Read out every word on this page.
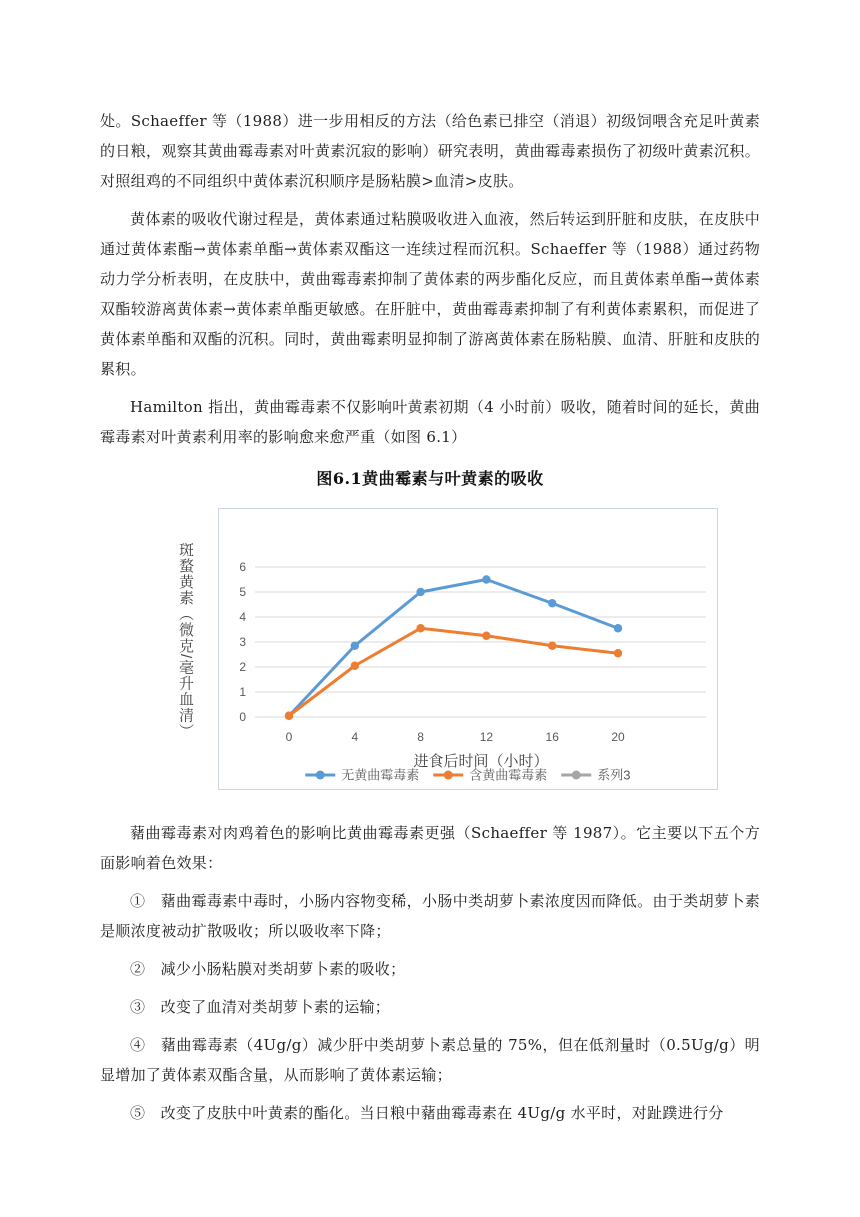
处。Schaeffer 等（1988）进一步用相反的方法（给色素已排空（消退）初级饲喂含充足叶黄素的日粮，观察其黄曲霉毒素对叶黄素沉寂的影响）研究表明，黄曲霉毒素损伤了初级叶黄素沉积。对照组鸡的不同组织中黄体素沉积顺序是肠粘膜>血清>皮肤。

黄体素的吸收代谢过程是，黄体素通过粘膜吸收进入血液，然后转运到肝脏和皮肤，在皮肤中通过黄体素酯→黄体素单酯→黄体素双酯这一连续过程而沉积。Schaeffer 等（1988）通过药物动力学分析表明，在皮肤中，黄曲霉毒素抑制了黄体素的两步酯化反应，而且黄体素单酯→黄体素双酯较游离黄体素→黄体素单酯更敏感。在肝脏中，黄曲霉毒素抑制了有利黄体素累积，而促进了黄体素单酯和双酯的沉积。同时，黄曲霉素明显抑制了游离黄体素在肠粘膜、血清、肝脏和皮肤的累积。

Hamilton 指出，黄曲霉毒素不仅影响叶黄素初期（4 小时前）吸收，随着时间的延长，黄曲霉毒素对叶黄素利用率的影响愈来愈严重（如图 6.1）

图6.1黄曲霉素与叶黄素的吸收
斑蝥黄素（微克/毫升血清）	0
1
2
3
4
5
6
0	4	8	12	16	20
进食后时间（小时）
无黄曲霉毒素	含黄曲霉毒素	系列3

藸曲霉毒素对肉鸡着色的影响比黄曲霉毒素更强（Schaeffer 等 1987）。它主要以下五个方面影响着色效果：

①　藸曲霉毒素中毒时，小肠内容物变稀，小肠中类胡萝卜素浓度因而降低。由于类胡萝卜素是顺浓度被动扩散吸收；所以吸收率下降；

②　减少小肠粘膜对类胡萝卜素的吸收；

③　改变了血清对类胡萝卜素的运输；

④　藸曲霉毒素（4Ug/g）减少肝中类胡萝卜素总量的 75%，但在低剂量时（0.5Ug/g）明显增加了黄体素双酯含量，从而影响了黄体素运输；

⑤　改变了皮肤中叶黄素的酯化。当日粮中藸曲霉毒素在 4Ug/g 水平时，对趾蹼进行分
